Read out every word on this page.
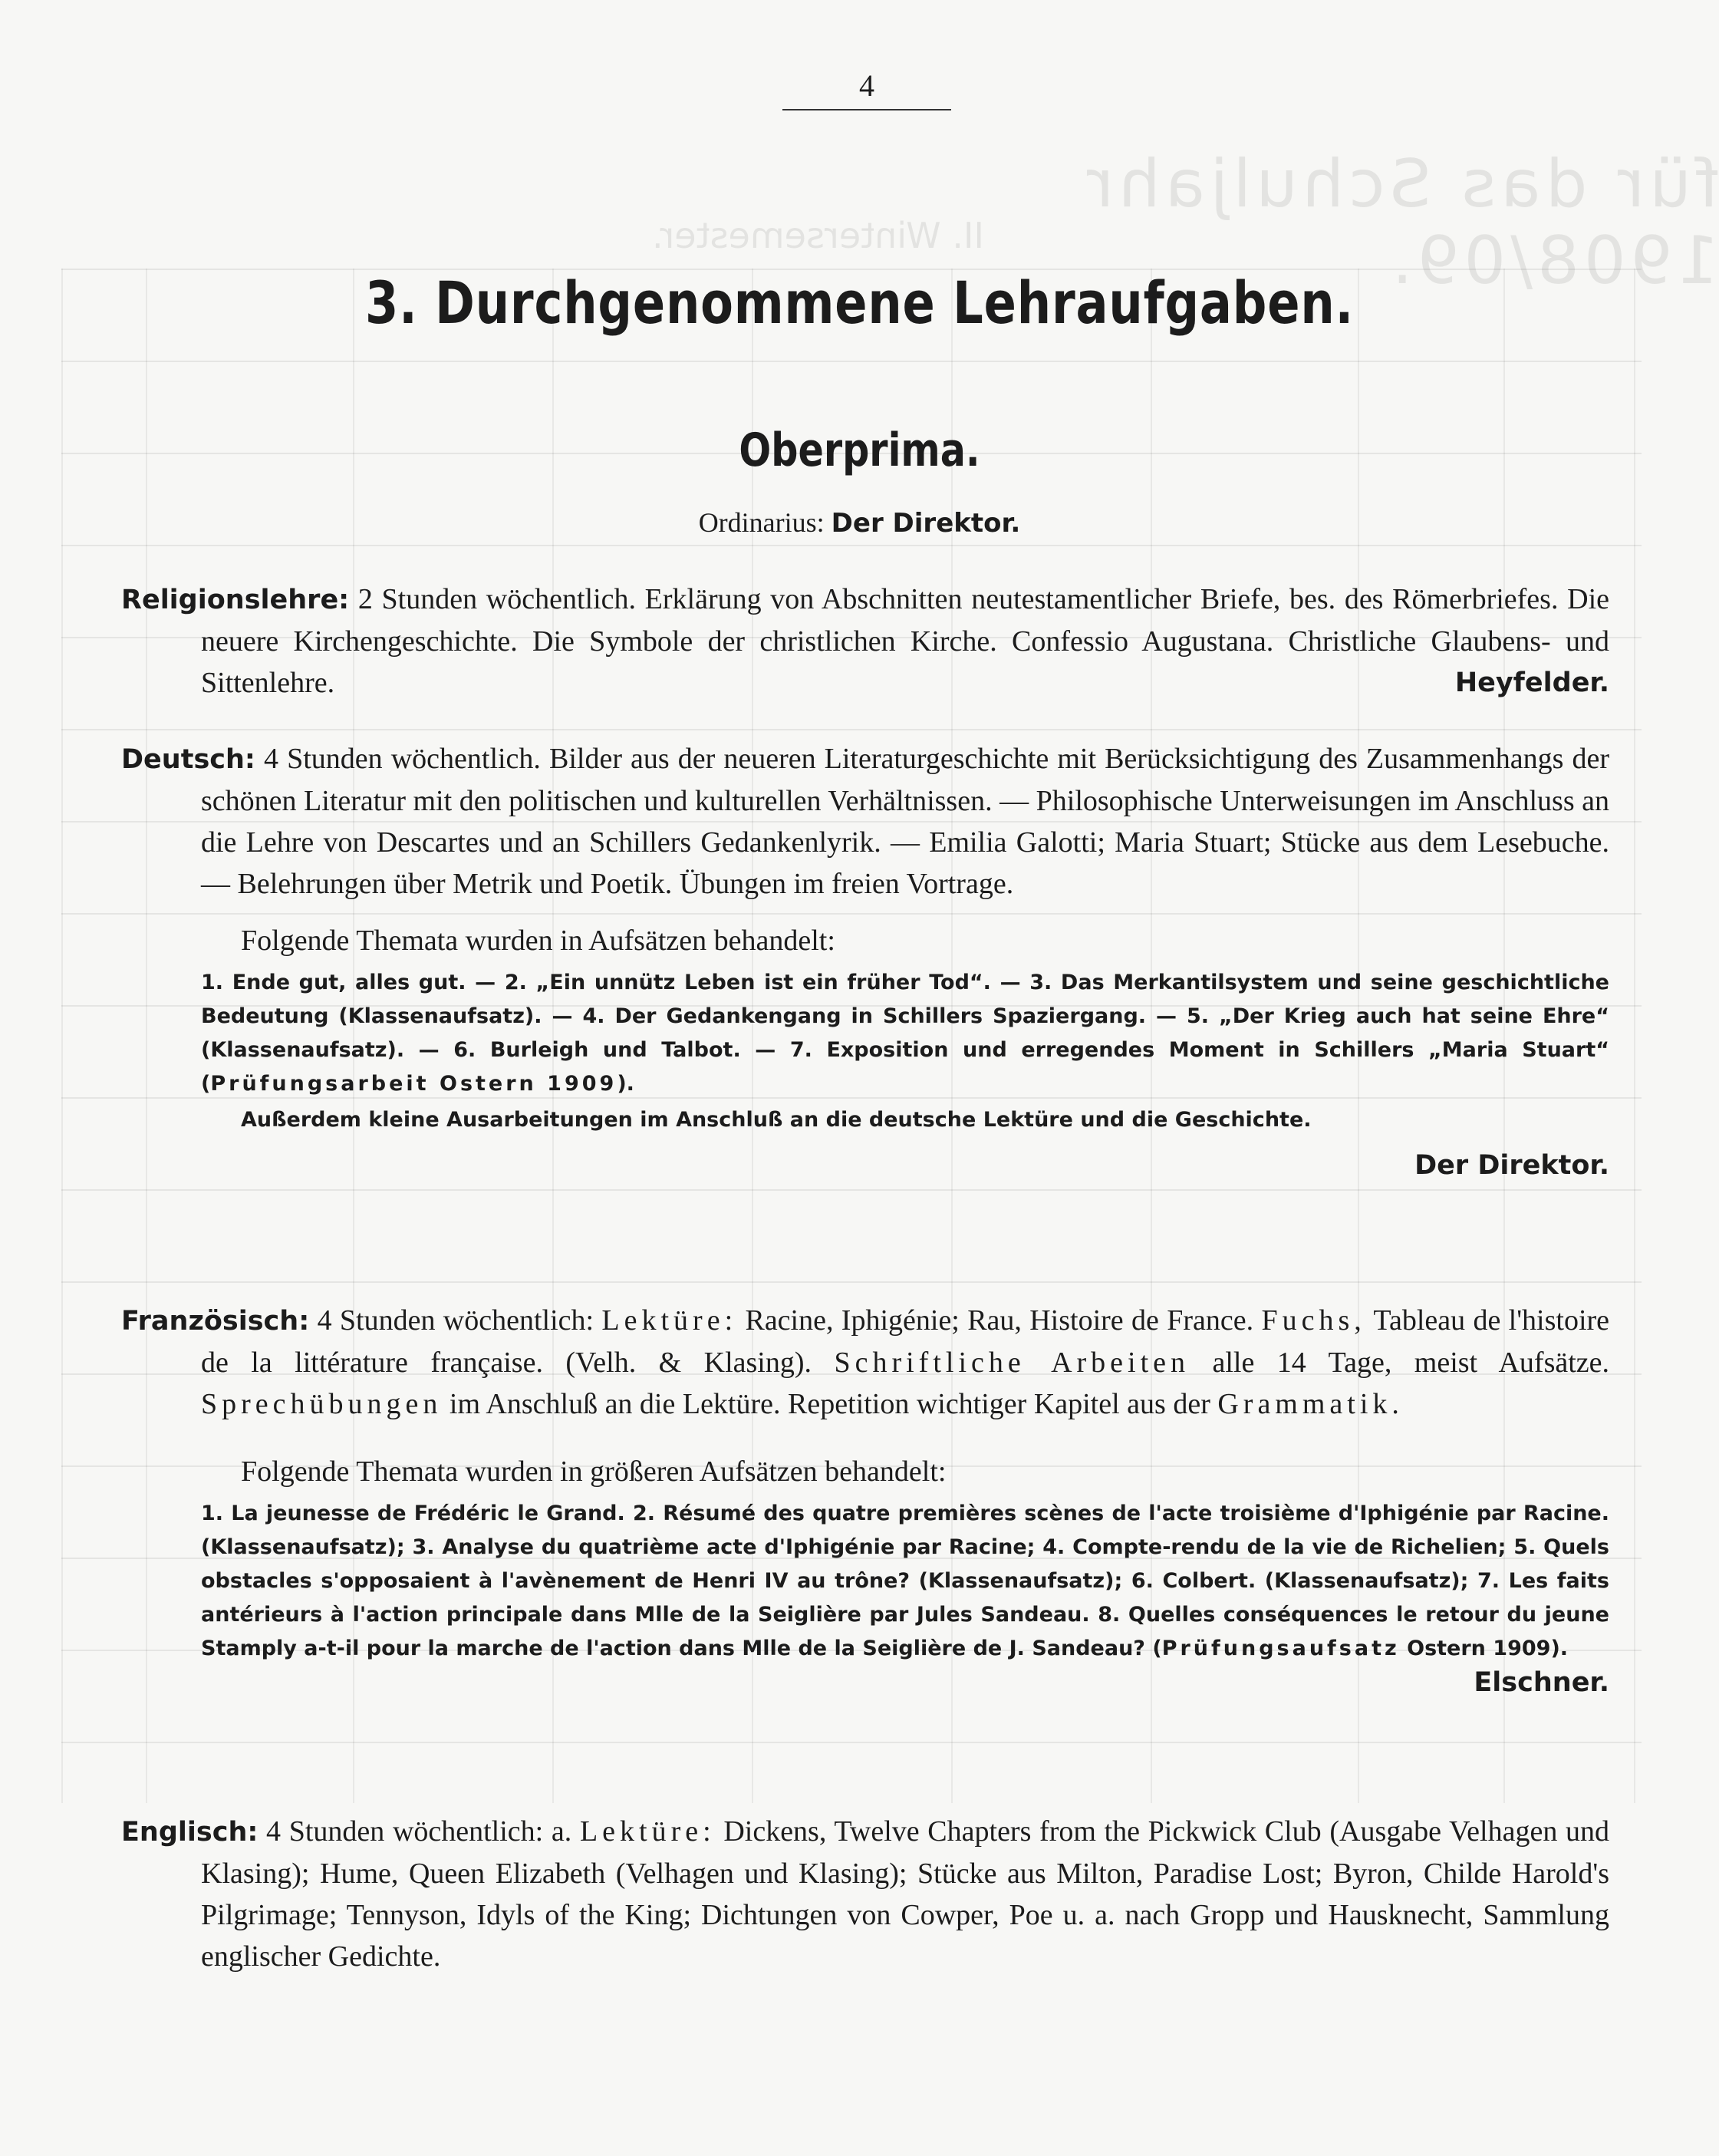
für das Schuljahr 1908/09.
II. Wintersemester.
4
3. Durchgenommene Lehraufgaben.
Oberprima.
Ordinarius: Der Direktor.

Religionslehre: 2 Stunden wöchentlich. Erklärung von Abschnitten neutestamentlicher Briefe, bes. des Römerbriefes. Die neuere Kirchengeschichte. Die Symbole der christlichen Kirche. Confessio Augustana. Christliche Glaubens- und Sittenlehre.	Heyfelder.

Deutsch: 4 Stunden wöchentlich. Bilder aus der neueren Literaturgeschichte mit Berücksichtigung des Zusammenhangs der schönen Literatur mit den politischen und kulturellen Verhältnissen. — Philosophische Unterweisungen im Anschluss an die Lehre von Descartes und an Schillers Gedankenlyrik. — Emilia Galotti; Maria Stuart; Stücke aus dem Lesebuche. — Belehrungen über Metrik und Poetik. Übungen im freien Vortrage.

Folgende Themata wurden in Aufsätzen behandelt:

1. Ende gut, alles gut. — 2. „Ein unnütz Leben ist ein früher Tod“. — 3. Das Merkantilsystem und seine geschichtliche Bedeutung (Klassenaufsatz). — 4. Der Gedankengang in Schillers Spaziergang. — 5. „Der Krieg auch hat seine Ehre“ (Klassenaufsatz). — 6. Burleigh und Talbot. — 7. Exposition und erregendes Moment in Schillers „Maria Stuart“ (Prüfungsarbeit Ostern 1909).

Außerdem kleine Ausarbeitungen im Anschluß an die deutsche Lektüre und die Geschichte.

Der Direktor.

Französisch: 4 Stunden wöchentlich: Lektüre: Racine, Iphigénie; Rau, Histoire de France. Fuchs, Tableau de l'histoire de la littérature française. (Velh. & Klasing). Schriftliche Arbeiten alle 14 Tage, meist Aufsätze. Sprechübungen im Anschluß an die Lektüre. Repetition wichtiger Kapitel aus der Grammatik.

Folgende Themata wurden in größeren Aufsätzen behandelt:

1. La jeunesse de Frédéric le Grand. 2. Résumé des quatre premières scènes de l'acte troisième d'Iphigénie par Racine. (Klassenaufsatz); 3. Analyse du quatrième acte d'Iphigénie par Racine; 4. Compte-rendu de la vie de Richelien; 5. Quels obstacles s'opposaient à l'avènement de Henri IV au trône? (Klassenaufsatz); 6. Colbert. (Klassenaufsatz); 7. Les faits antérieurs à l'action principale dans Mlle de la Seiglière par Jules Sandeau. 8. Quelles conséquences le retour du jeune Stamply a-t-il pour la marche de l'action dans Mlle de la Seiglière de J. Sandeau? (Prüfungsaufsatz Ostern 1909).
Elschner.

Englisch: 4 Stunden wöchentlich: a. Lektüre: Dickens, Twelve Chapters from the Pickwick Club (Ausgabe Velhagen und Klasing); Hume, Queen Elizabeth (Velhagen und Klasing); Stücke aus Milton, Paradise Lost; Byron, Childe Harold's Pilgrimage; Tennyson, Idyls of the King; Dichtungen von Cowper, Poe u. a. nach Gropp und Hausknecht, Sammlung englischer Gedichte.
